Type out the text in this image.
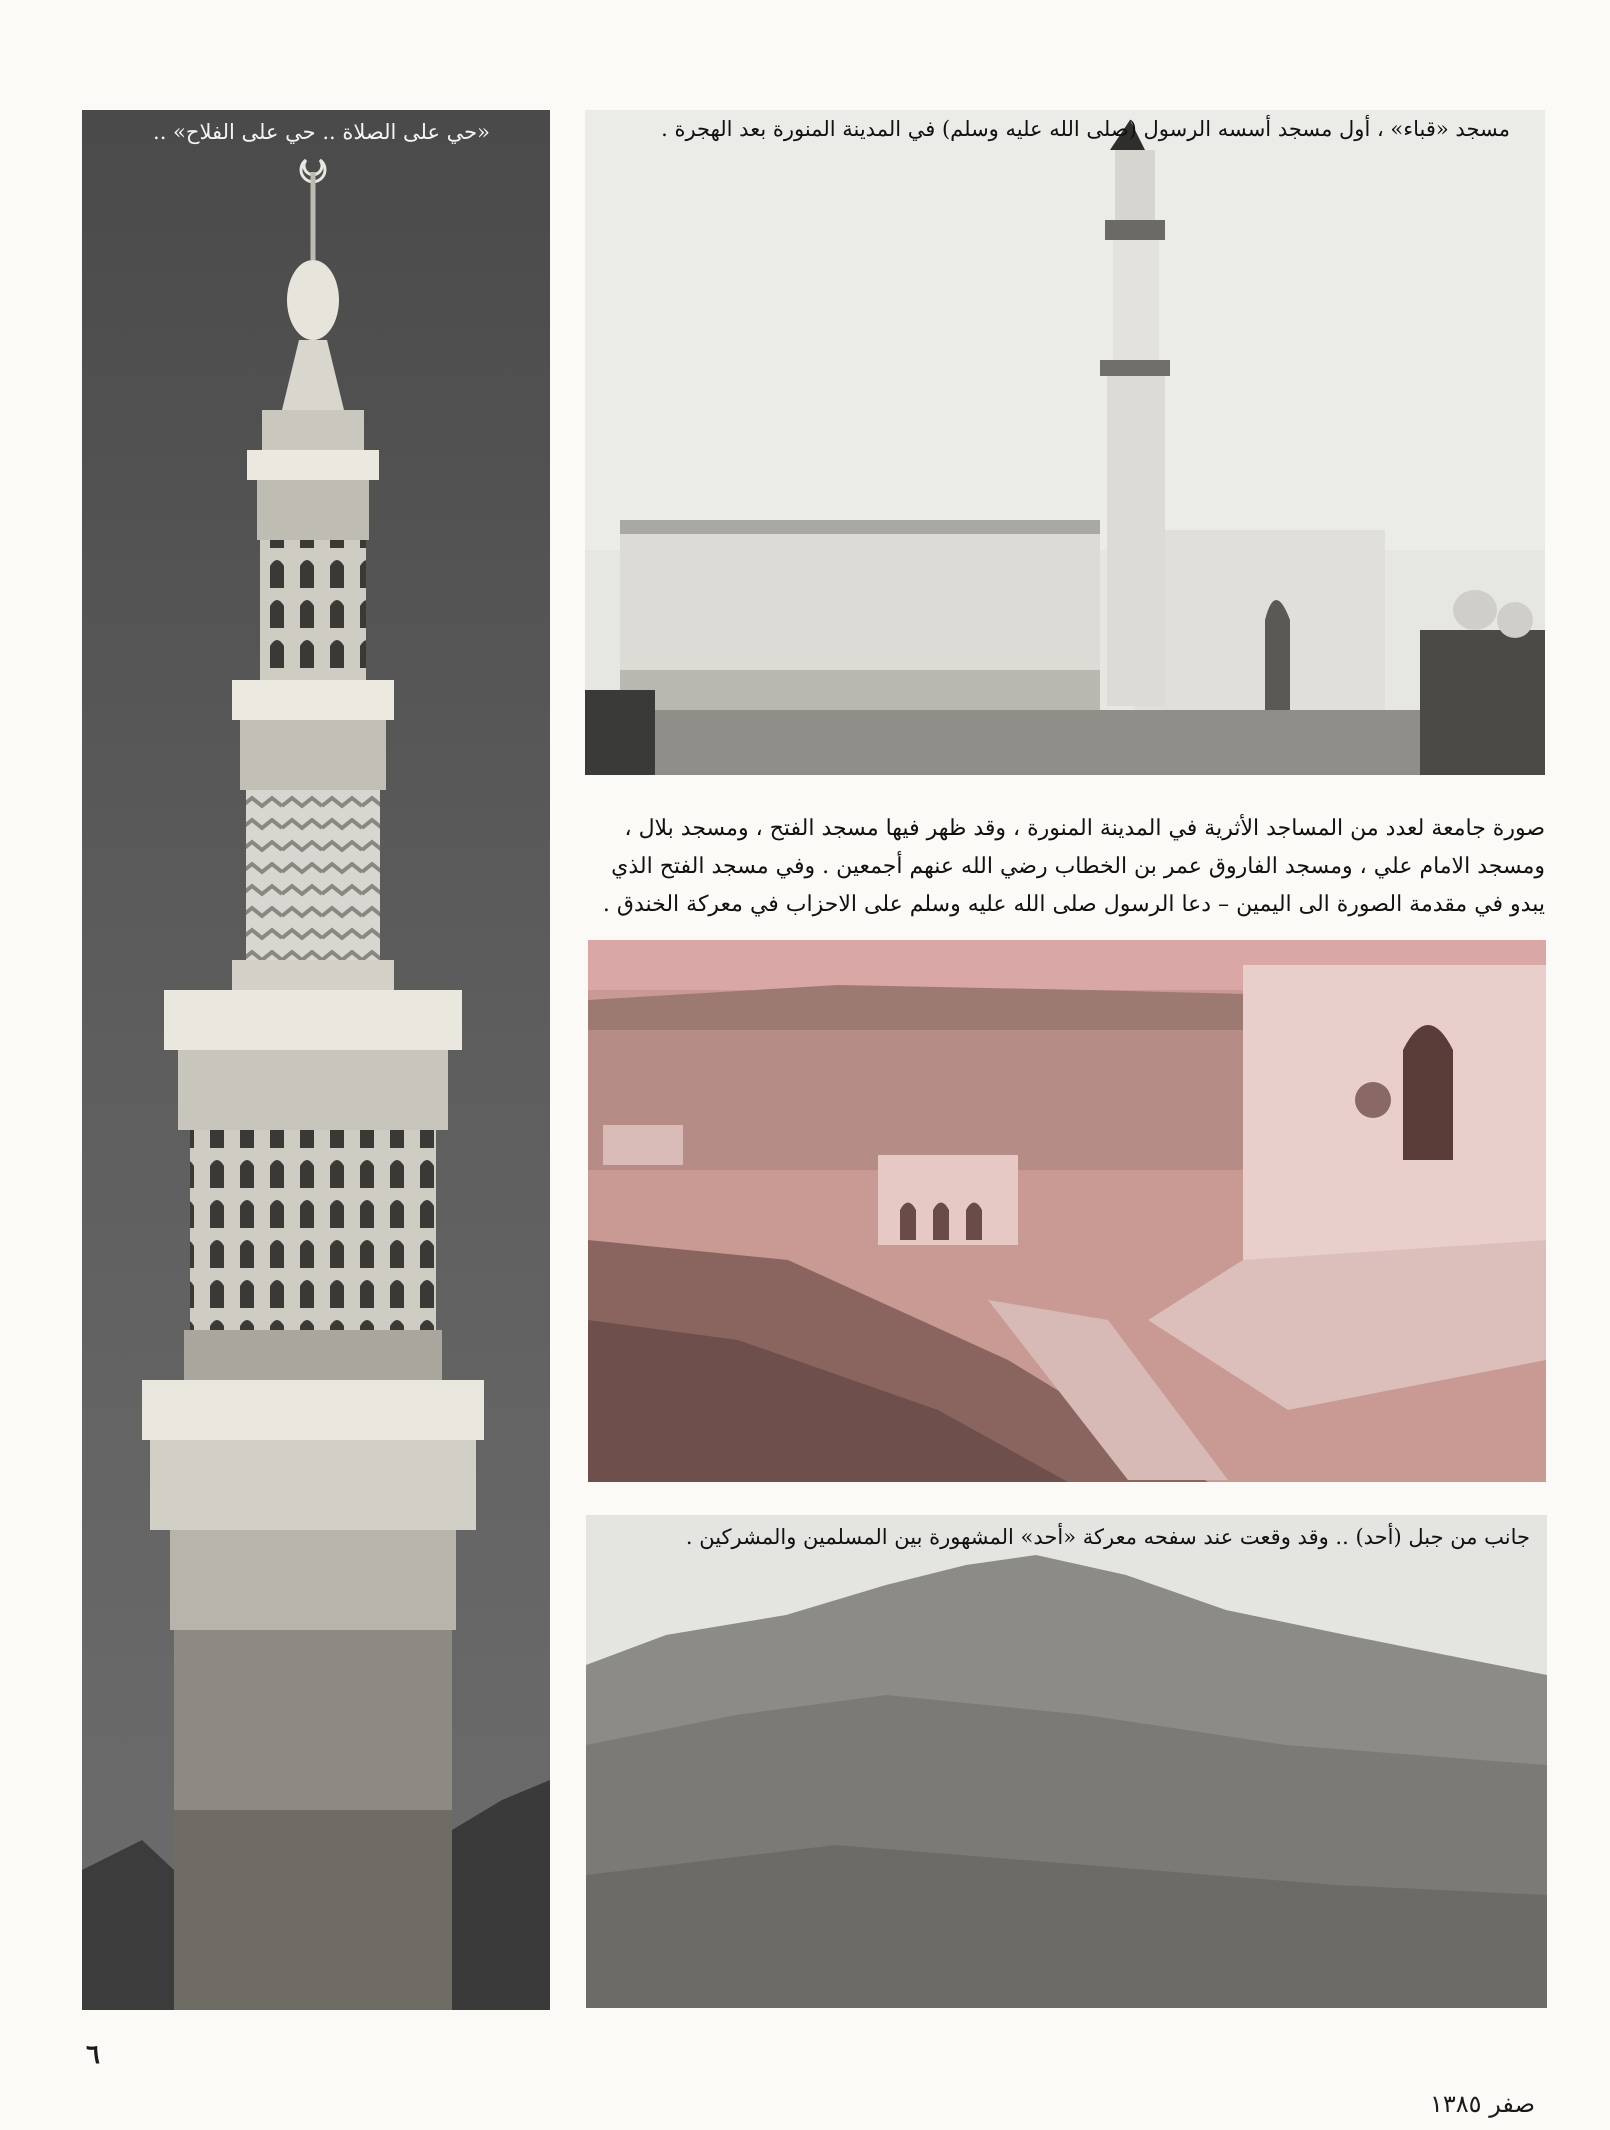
«حي على الصلاة .. حي على الفلاح» ..	مسجد «قباء» ، أول مسجد أسسه الرسول (صلى الله عليه وسلم) في المدينة المنورة بعد الهجرة .
صورة جامعة لعدد من المساجد الأثرية في المدينة المنورة ، وقد ظهر فيها مسجد الفتح ، ومسجد بلال ،
ومسجد الامام علي ، ومسجد الفاروق عمر بن الخطاب رضي الله عنهم أجمعين . وفي مسجد الفتح الذي
يبدو في مقدمة الصورة الى اليمين – دعا الرسول صلى الله عليه وسلم على الاحزاب في معركة الخندق .
جانب من جبل (أحد) .. وقد وقعت عند سفحه معركة «أحد» المشهورة بين المسلمين والمشركين .
٦
صفر ١٣٨٥
